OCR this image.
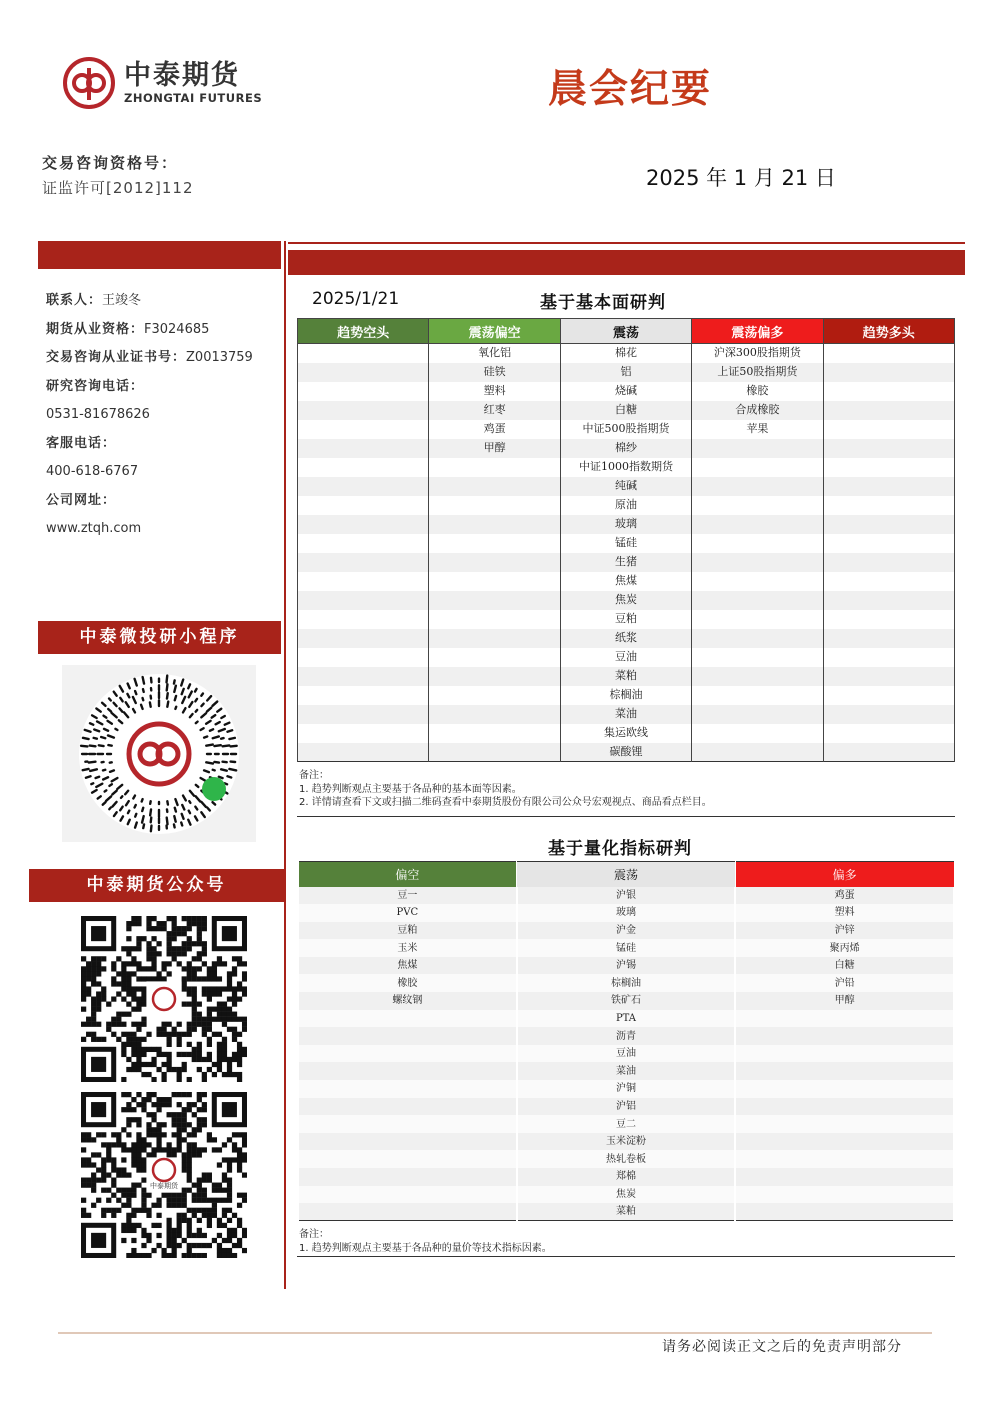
中泰期货
ZHONGTAI FUTURES	晨会纪要
交易咨询资格号：
证监许可[2012]112	2025 年 1 月 21 日
联系人：王竣冬
期货从业资格：F3024685
交易咨询从业证书号：Z0013759
研究咨询电话：
0531-81678626
客服电话：
400-618-6767
公司网址：
www.ztqh.com
中泰微投研小程序
中泰期货公众号
中泰期货
2025/1/21	基于基本面研判
趋势空头	震荡偏空	震荡	震荡偏多	趋势多头
	氧化铝	棉花	沪深300股指期货	
	硅铁	铝	上证50股指期货	
	塑料	烧碱	橡胶	
	红枣	白糖	合成橡胶	
	鸡蛋	中证500股指期货	苹果	
	甲醇	棉纱		
		中证1000指数期货		
		纯碱		
		原油		
		玻璃		
		锰硅		
		生猪		
		焦煤		
		焦炭		
		豆粕		
		纸浆		
		豆油		
		菜粕		
		棕榈油		
		菜油		
		集运欧线		
		碳酸锂		
备注：
1. 趋势判断观点主要基于各品种的基本面等因素。
2. 详情请查看下文或扫描二维码查看中泰期货股份有限公司公众号宏观视点、商品看点栏目。
基于量化指标研判
偏空	震荡	偏多
豆一	沪银	鸡蛋
PVC	玻璃	塑料
豆粕	沪金	沪锌
玉米	锰硅	聚丙烯
焦煤	沪锡	白糖
橡胶	棕榈油	沪铅
螺纹钢	铁矿石	甲醇
	PTA	
	沥青	
	豆油	
	菜油	
	沪铜	
	沪铝	
	豆二	
	玉米淀粉	
	热轧卷板	
	郑棉	
	焦炭	
	菜粕	
备注：
1. 趋势判断观点主要基于各品种的量价等技术指标因素。
请务必阅读正文之后的免责声明部分
